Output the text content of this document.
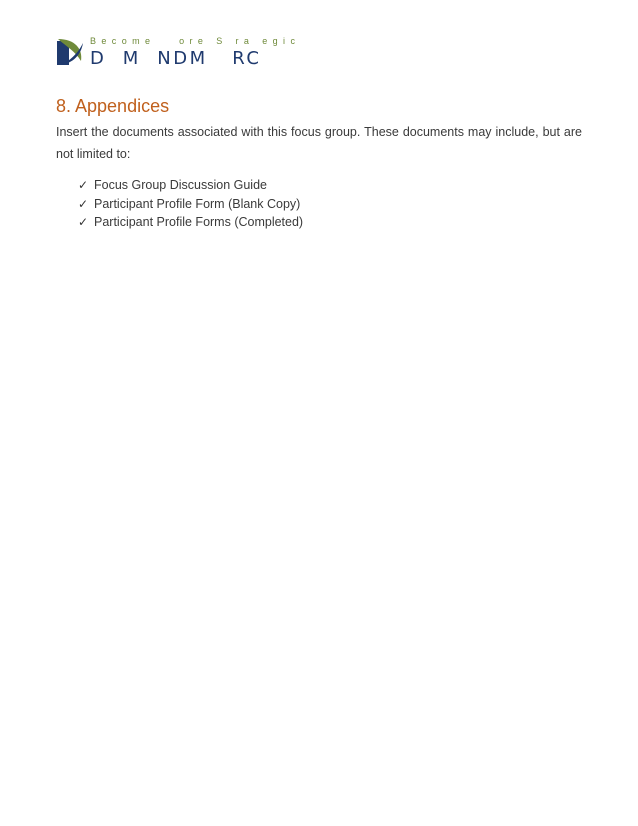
Become   ore S ra egic
D  M  NDM   RC
8. Appendices

Insert the documents associated with this focus group. These documents may include, but are not limited to:

✓ Focus Group Discussion Guide
✓ Participant Profile Form (Blank Copy)
✓ Participant Profile Forms (Completed)
